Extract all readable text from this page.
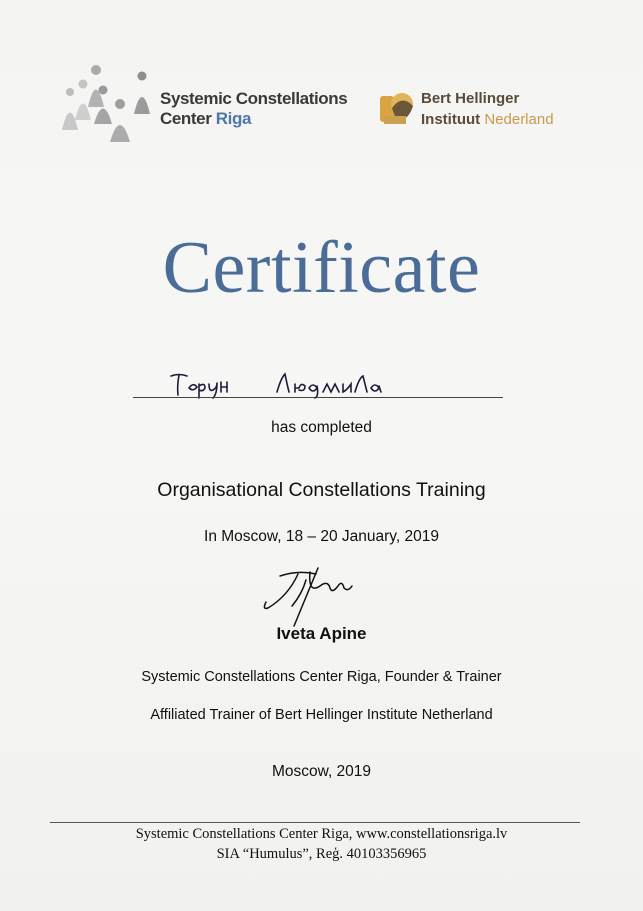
Systemic Constellations
Center Riga
Bert Hellinger
Instituut Nederland
Certificate
has completed
Organisational Constellations Training
In Moscow, 18 – 20 January, 2019
Iveta Apine
Systemic Constellations Center Riga, Founder & Trainer
Affiliated Trainer of Bert Hellinger Institute Netherland
Moscow, 2019
Systemic Constellations Center Riga, www.constellationsriga.lv
SIA “Humulus”, Reģ. 40103356965
